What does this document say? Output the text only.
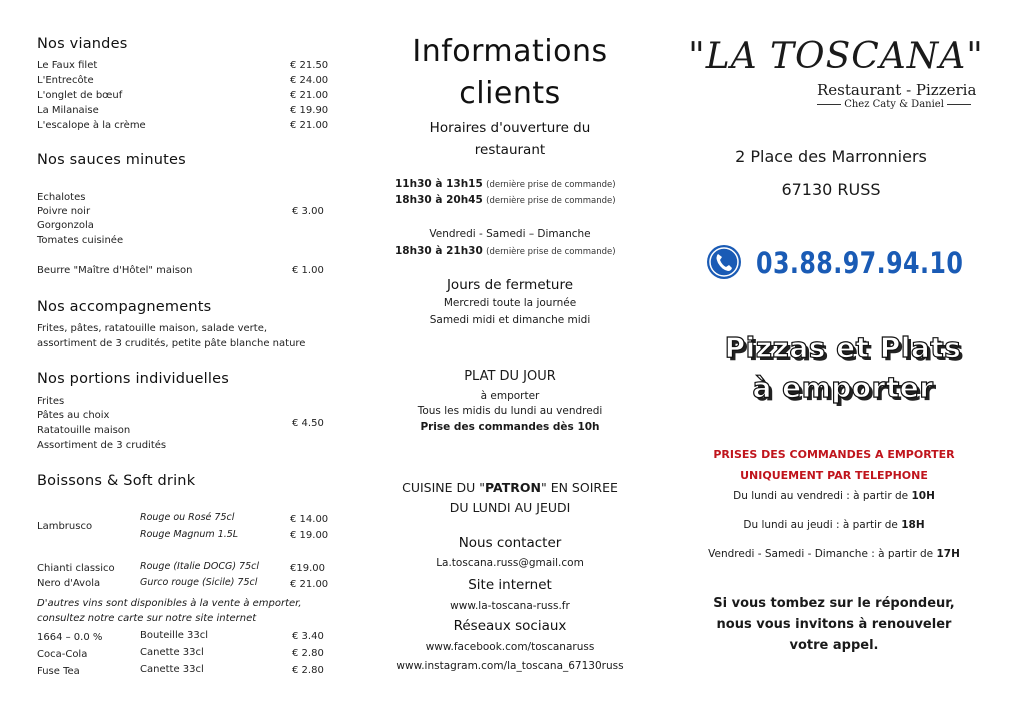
Nos viandes
Le Faux filet	€ 21.50
L'Entrecôte	€ 24.00
L'onglet de bœuf	€ 21.00
La Milanaise	€ 19.90
L'escalope à la crème	€ 21.00
Nos sauces minutes
Echalotes
Poivre noir	€ 3.00
Gorgonzola
Tomates cuisinée
Beurre "Maître d'Hôtel" maison	€ 1.00
Nos accompagnements
Frites, pâtes, ratatouille maison, salade verte,
assortiment de 3 crudités, petite pâte blanche nature
Nos portions individuelles
Frites
Pâtes au choix
Ratatouille maison
€ 4.50
Assortiment de 3 crudités
Boissons & Soft drink
Lambrusco
Rouge ou Rosé 75cl	€ 14.00
Rouge Magnum 1.5L	€ 19.00
Chianti classico	Rouge (Italie DOCG) 75cl	€19.00
Nero d'Avola	Gurco rouge (Sicile) 75cl	€ 21.00
D'autres vins sont disponibles à la vente à emporter,
consultez notre carte sur notre site internet
1664 – 0.0 %	Bouteille 33cl	€ 3.40
Coca-Cola	Canette 33cl	€ 2.80
Fuse Tea	Canette 33cl	€ 2.80
Informations
clients
Horaires d'ouverture du
restaurant
11h30 à 13h15 (dernière prise de commande)
18h30 à 20h45 (dernière prise de commande)
Vendredi - Samedi – Dimanche
18h30 à 21h30 (dernière prise de commande)
Jours de fermeture
Mercredi toute la journée
Samedi midi et dimanche midi
PLAT DU JOUR
à emporter
Tous les midis du lundi au vendredi
Prise des commandes dès 10h
CUISINE DU "PATRON" EN SOIREE
DU LUNDI AU JEUDI
Nous contacter
La.toscana.russ@gmail.com
Site internet
www.la-toscana-russ.fr
Réseaux sociaux
www.facebook.com/toscanaruss
www.instagram.com/la_toscana_67130russ
"LA TOSCANA"
Restaurant - Pizzeria
Chez Caty & Daniel
2 Place des Marronniers
67130 RUSS
03.88.97.94.10
Pizzas et Plats
à emporter
PRISES DES COMMANDES A EMPORTER
UNIQUEMENT PAR TELEPHONE
Du lundi au vendredi : à partir de 10H
Du lundi au jeudi : à partir de 18H
Vendredi - Samedi - Dimanche : à partir de 17H
Si vous tombez sur le répondeur,
nous vous invitons à renouveler
votre appel.
